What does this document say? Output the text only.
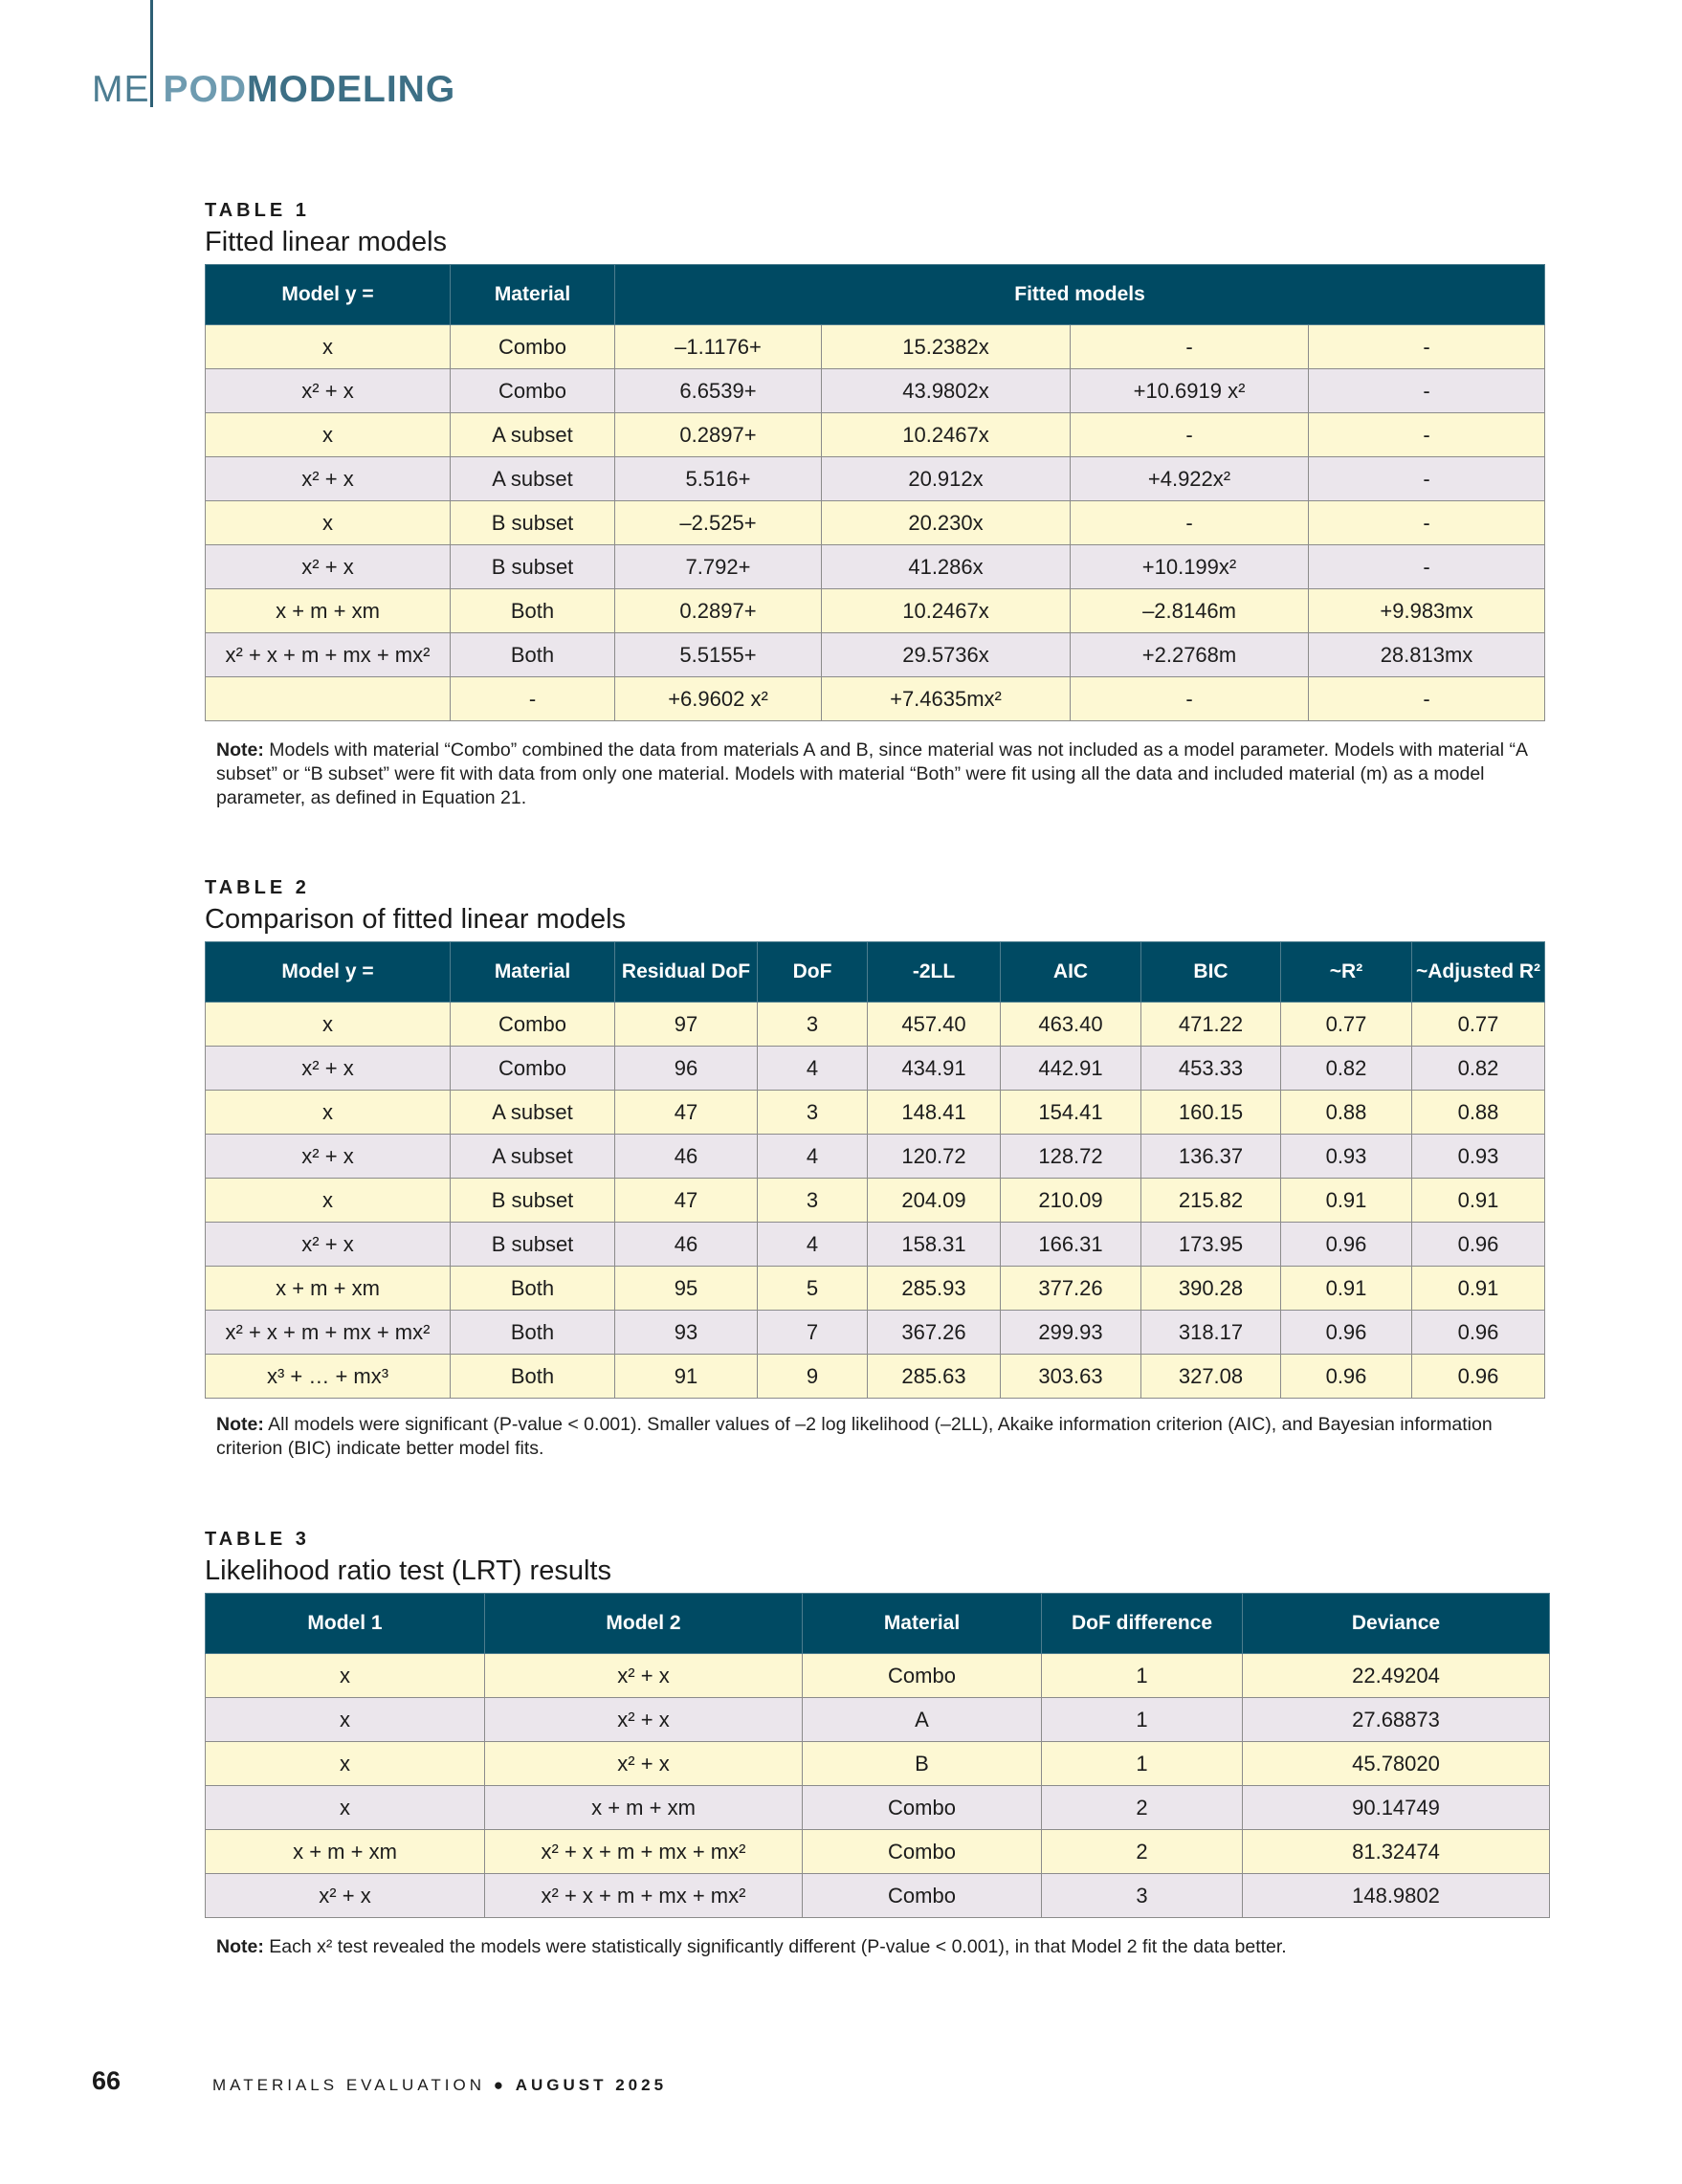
ME PODMODELING
TABLE 1
Fitted linear models
Model y =	Material	Fitted models			
x	Combo	–1.1176+	15.2382x	-	-
x² + x	Combo	6.6539+	43.9802x	+10.6919 x²	-
x	A subset	0.2897+	10.2467x	-	-
x² + x	A subset	5.516+	20.912x	+4.922x²	-
x	B subset	–2.525+	20.230x	-	-
x² + x	B subset	7.792+	41.286x	+10.199x²	-
x + m + xm	Both	0.2897+	10.2467x	–2.8146m	+9.983mx
x² + x + m + mx + mx²	Both	5.5155+	29.5736x	+2.2768m	28.813mx
	-	+6.9602 x²	+7.4635mx²	-	-
Note: Models with material “Combo” combined the data from materials A and B, since material was not included as a model parameter. Models with material “A subset” or “B subset” were fit with data from only one material. Models with material “Both” were fit using all the data and included material (m) as a model parameter, as defined in Equation 21.
TABLE 2
Comparison of fitted linear models
Model y =	Material	Residual DoF	DoF	-2LL	AIC	BIC	~R²	~Adjusted R²
x	Combo	97	3	457.40	463.40	471.22	0.77	0.77
x² + x	Combo	96	4	434.91	442.91	453.33	0.82	0.82
x	A subset	47	3	148.41	154.41	160.15	0.88	0.88
x² + x	A subset	46	4	120.72	128.72	136.37	0.93	0.93
x	B subset	47	3	204.09	210.09	215.82	0.91	0.91
x² + x	B subset	46	4	158.31	166.31	173.95	0.96	0.96
x + m + xm	Both	95	5	285.93	377.26	390.28	0.91	0.91
x² + x + m + mx + mx²	Both	93	7	367.26	299.93	318.17	0.96	0.96
x³ + … + mx³	Both	91	9	285.63	303.63	327.08	0.96	0.96
Note: All models were significant (P-value < 0.001). Smaller values of –2 log likelihood (–2LL), Akaike information criterion (AIC), and Bayesian information criterion (BIC) indicate better model fits.
TABLE 3
Likelihood ratio test (LRT) results
Model 1	Model 2	Material	DoF difference	Deviance
x	x² + x	Combo	1	22.49204
x	x² + x	A	1	27.68873
x	x² + x	B	1	45.78020
x	x + m + xm	Combo	2	90.14749
x + m + xm	x² + x + m + mx + mx²	Combo	2	81.32474
x² + x	x² + x + m + mx + mx²	Combo	3	148.9802
Note: Each x² test revealed the models were statistically significantly different (P-value < 0.001), in that Model 2 fit the data better.
66	MATERIALS EVALUATION ● AUGUST 2025
